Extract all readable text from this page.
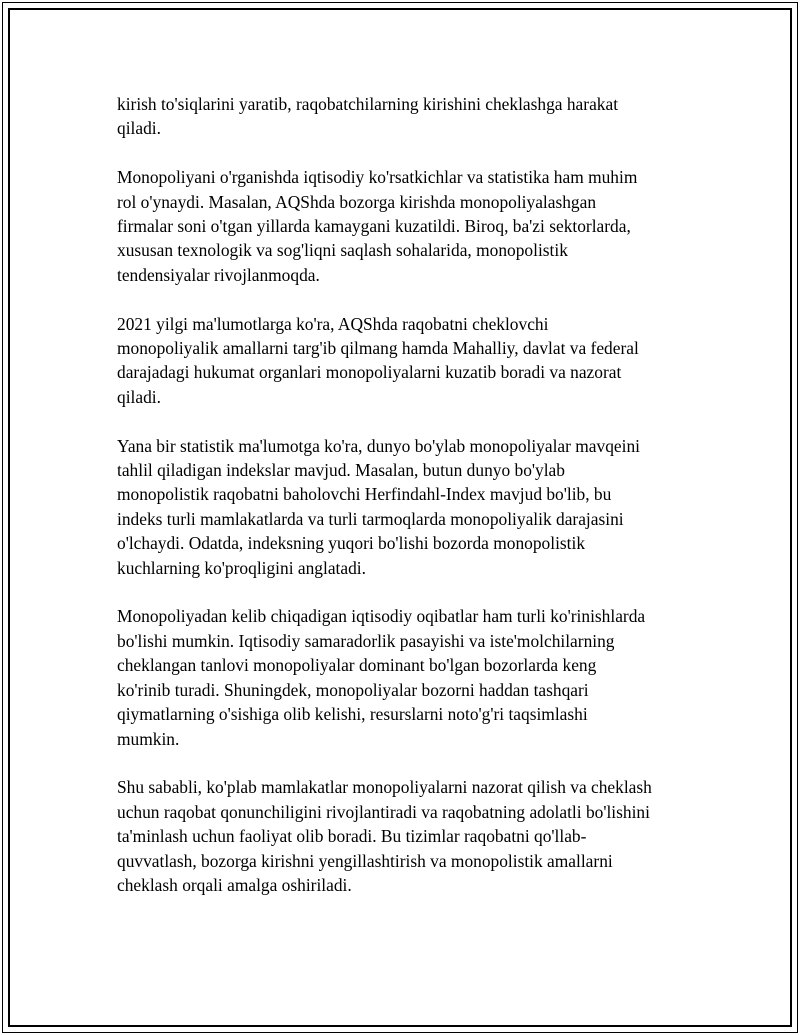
kirish to'siqlarini yaratib, raqobatchilarning kirishini cheklashga harakat
qiladi.

Monopoliyani o'rganishda iqtisodiy ko'rsatkichlar va statistika ham muhim
rol o'ynaydi. Masalan, AQShda bozorga kirishda monopoliyalashgan
firmalar soni o'tgan yillarda kamaygani kuzatildi. Biroq, ba'zi sektorlarda,
xususan texnologik va sog'liqni saqlash sohalarida, monopolistik
tendensiyalar rivojlanmoqda.

2021 yilgi ma'lumotlarga ko'ra, AQShda raqobatni cheklovchi
monopoliyalik amallarni targ'ib qilmang hamda Mahalliy, davlat va federal
darajadagi hukumat organlari monopoliyalarni kuzatib boradi va nazorat
qiladi.

Yana bir statistik ma'lumotga ko'ra, dunyo bo'ylab monopoliyalar mavqeini
tahlil qiladigan indekslar mavjud. Masalan, butun dunyo bo'ylab
monopolistik raqobatni baholovchi Herfindahl-Index mavjud bo'lib, bu
indeks turli mamlakatlarda va turli tarmoqlarda monopoliyalik darajasini
o'lchaydi. Odatda, indeksning yuqori bo'lishi bozorda monopolistik
kuchlarning ko'proqligini anglatadi.

Monopoliyadan kelib chiqadigan iqtisodiy oqibatlar ham turli ko'rinishlarda
bo'lishi mumkin. Iqtisodiy samaradorlik pasayishi va iste'molchilarning
cheklangan tanlovi monopoliyalar dominant bo'lgan bozorlarda keng
ko'rinib turadi. Shuningdek, monopoliyalar bozorni haddan tashqari
qiymatlarning o'sishiga olib kelishi, resurslarni noto'g'ri taqsimlashi
mumkin.

Shu sababli, ko'plab mamlakatlar monopoliyalarni nazorat qilish va cheklash
uchun raqobat qonunchiligini rivojlantiradi va raqobatning adolatli bo'lishini
ta'minlash uchun faoliyat olib boradi. Bu tizimlar raqobatni qo'llab-
quvvatlash, bozorga kirishni yengillashtirish va monopolistik amallarni
cheklash orqali amalga oshiriladi.
